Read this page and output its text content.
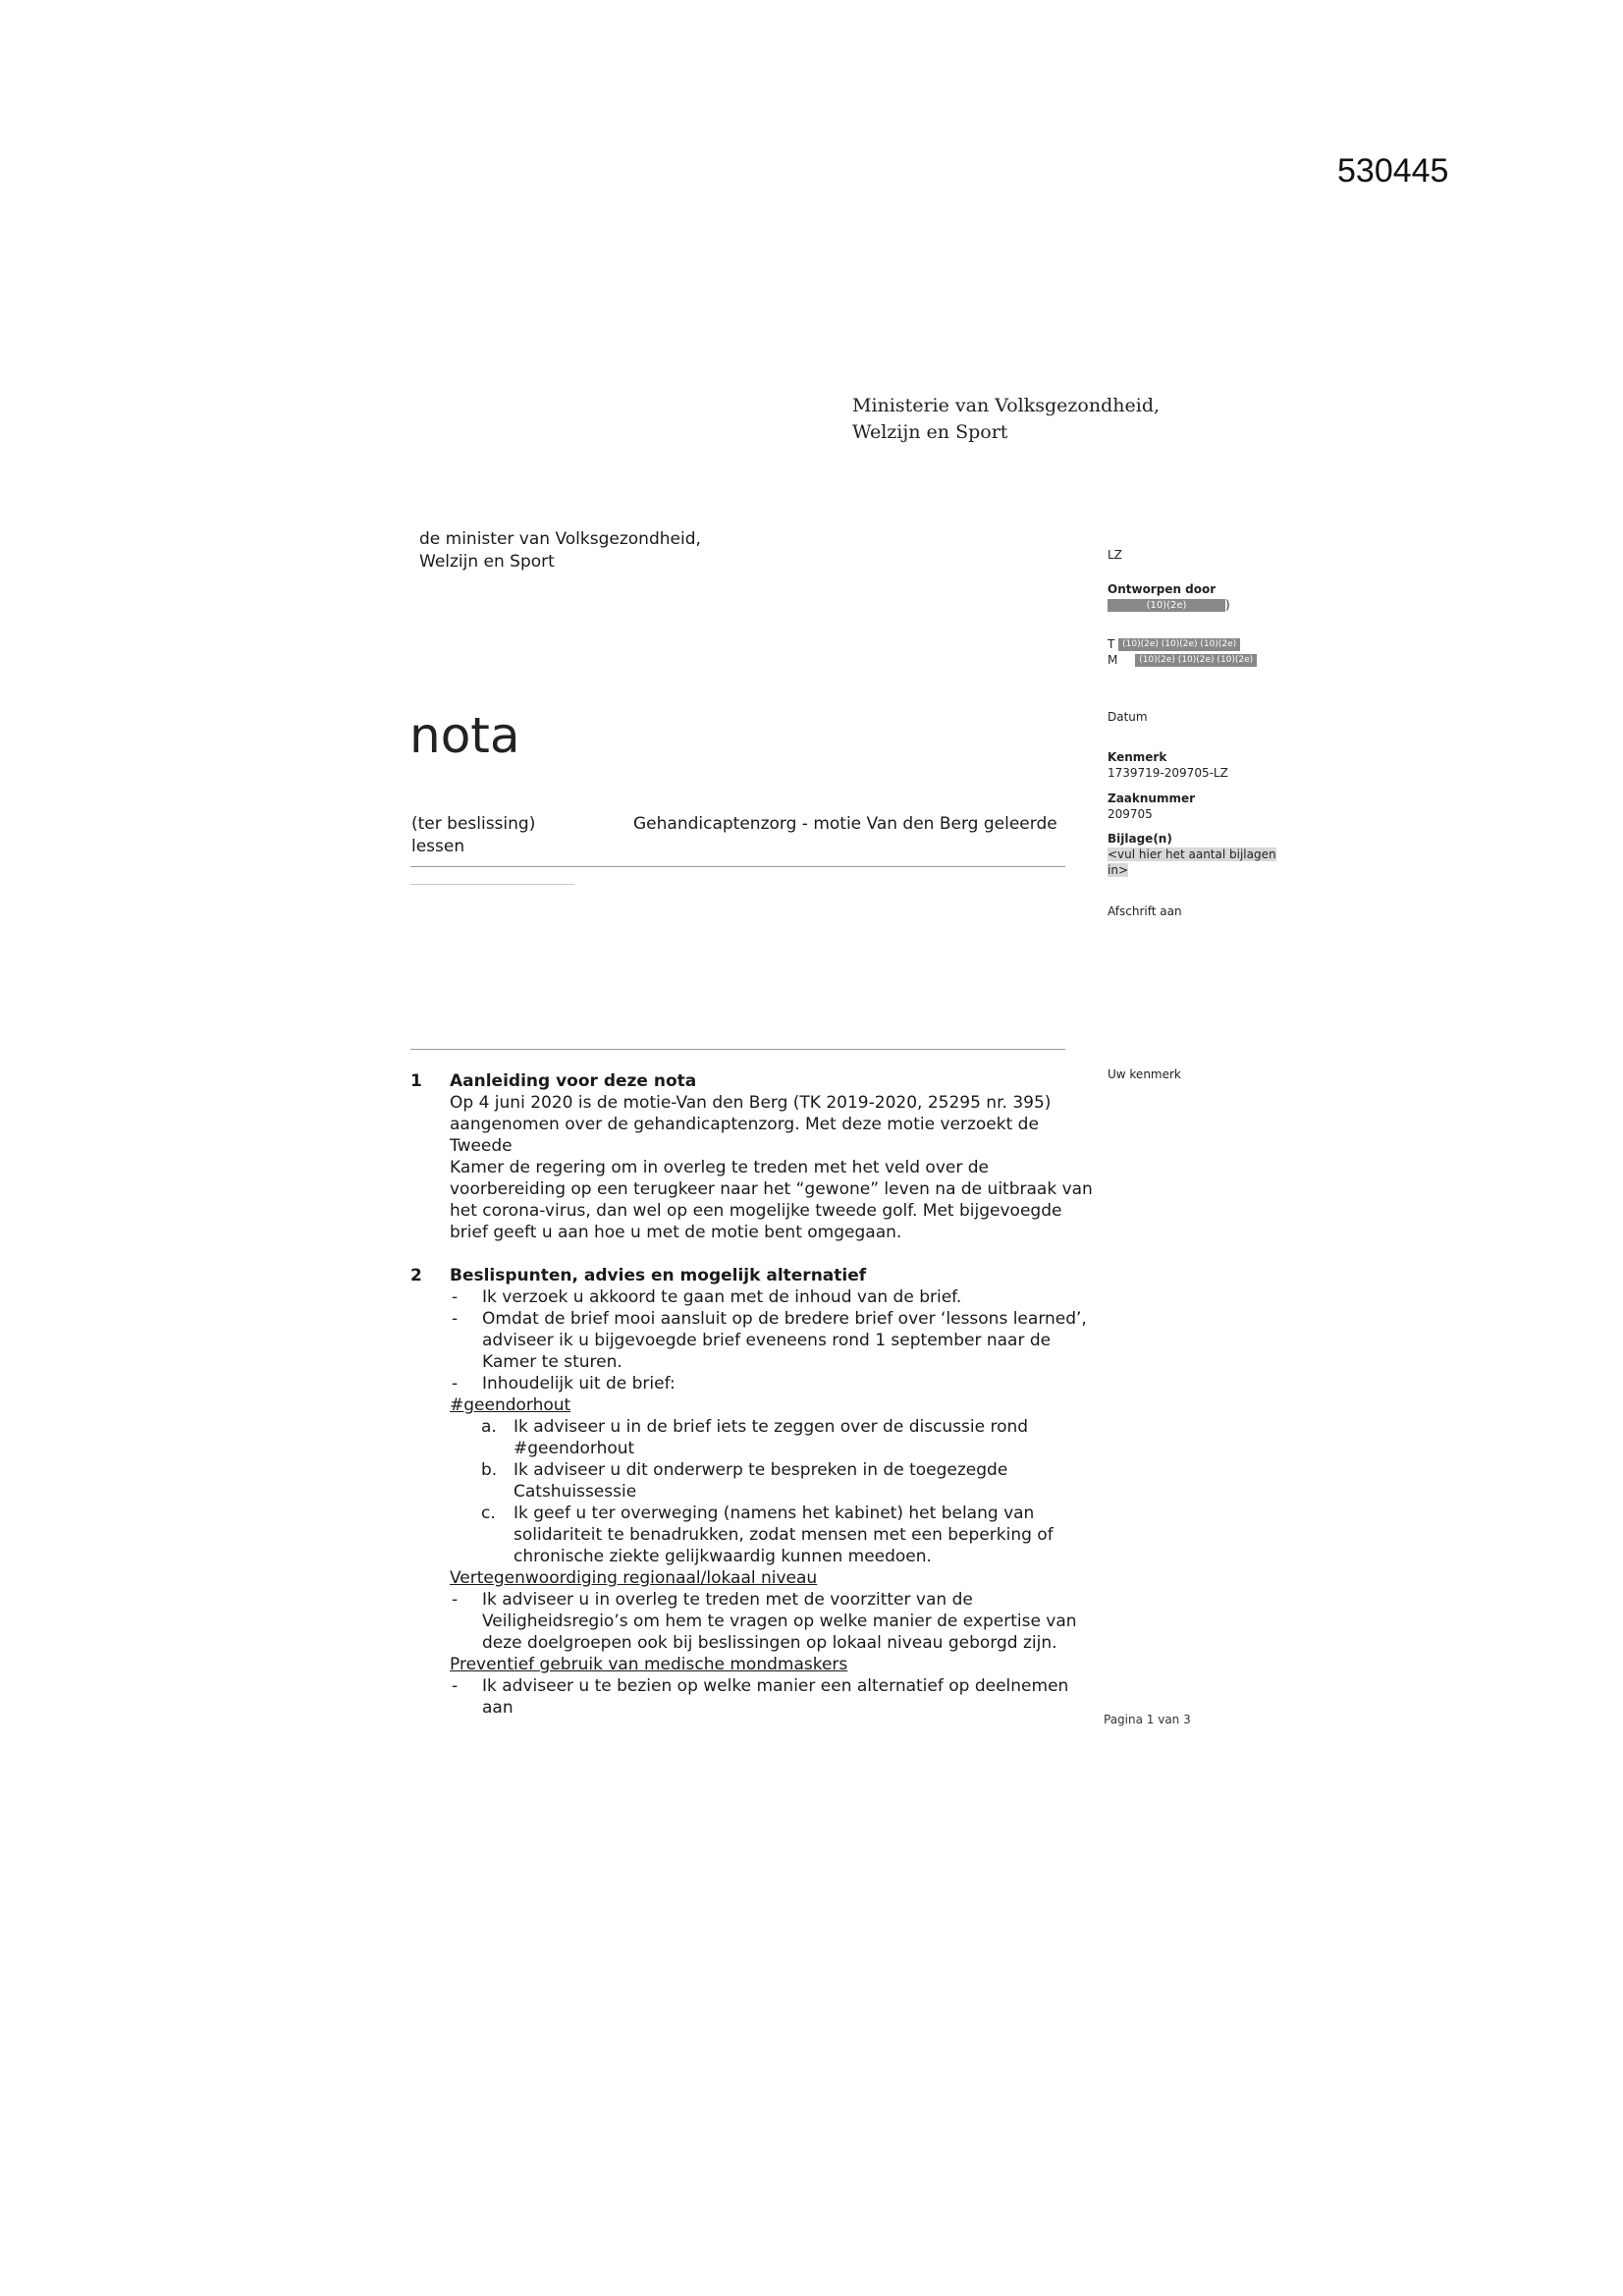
530445
Ministerie van Volksgezondheid,
Welzijn en Sport
de minister van Volksgezondheid,
Welzijn en Sport
nota
(ter beslissing)
lessen
Gehandicaptenzorg - motie Van den Berg geleerde
LZ
Ontworpen door
(10)(2e)	)
T (10)(2e) (10)(2e) (10)(2e)
M (10)(2e) (10)(2e) (10)(2e)
Datum
Kenmerk
1739719-209705-LZ
Zaaknummer
209705
Bijlage(n)
<vul hier het aantal bijlagen
in>
Afschrift aan
Uw kenmerk
1 Aanleiding voor deze nota
Op 4 juni 2020 is de motie-Van den Berg (TK 2019-2020, 25295 nr. 395)
aangenomen over de gehandicaptenzorg. Met deze motie verzoekt de Tweede
Kamer de regering om in overleg te treden met het veld over de
voorbereiding op een terugkeer naar het “gewone” leven na de uitbraak van
het corona-virus, dan wel op een mogelijke tweede golf. Met bijgevoegde
brief geeft u aan hoe u met de motie bent omgegaan.
2 Beslispunten, advies en mogelijk alternatief
- Ik verzoek u akkoord te gaan met de inhoud van de brief.
- Omdat de brief mooi aansluit op de bredere brief over ‘lessons learned’,
adviseer ik u bijgevoegde brief eveneens rond 1 september naar de
Kamer te sturen.
- Inhoudelijk uit de brief:
#geendorhout
a. Ik adviseer u in de brief iets te zeggen over de discussie rond
#geendorhout
b. Ik adviseer u dit onderwerp te bespreken in de toegezegde
Catshuissessie
c. Ik geef u ter overweging (namens het kabinet) het belang van
solidariteit te benadrukken, zodat mensen met een beperking of
chronische ziekte gelijkwaardig kunnen meedoen.
Vertegenwoordiging regionaal/lokaal niveau
- Ik adviseer u in overleg te treden met de voorzitter van de
Veiligheidsregio’s om hem te vragen op welke manier de expertise van
deze doelgroepen ook bij beslissingen op lokaal niveau geborgd zijn.
Preventief gebruik van medische mondmaskers
- Ik adviseer u te bezien op welke manier een alternatief op deelnemen aan
Pagina 1 van 3
